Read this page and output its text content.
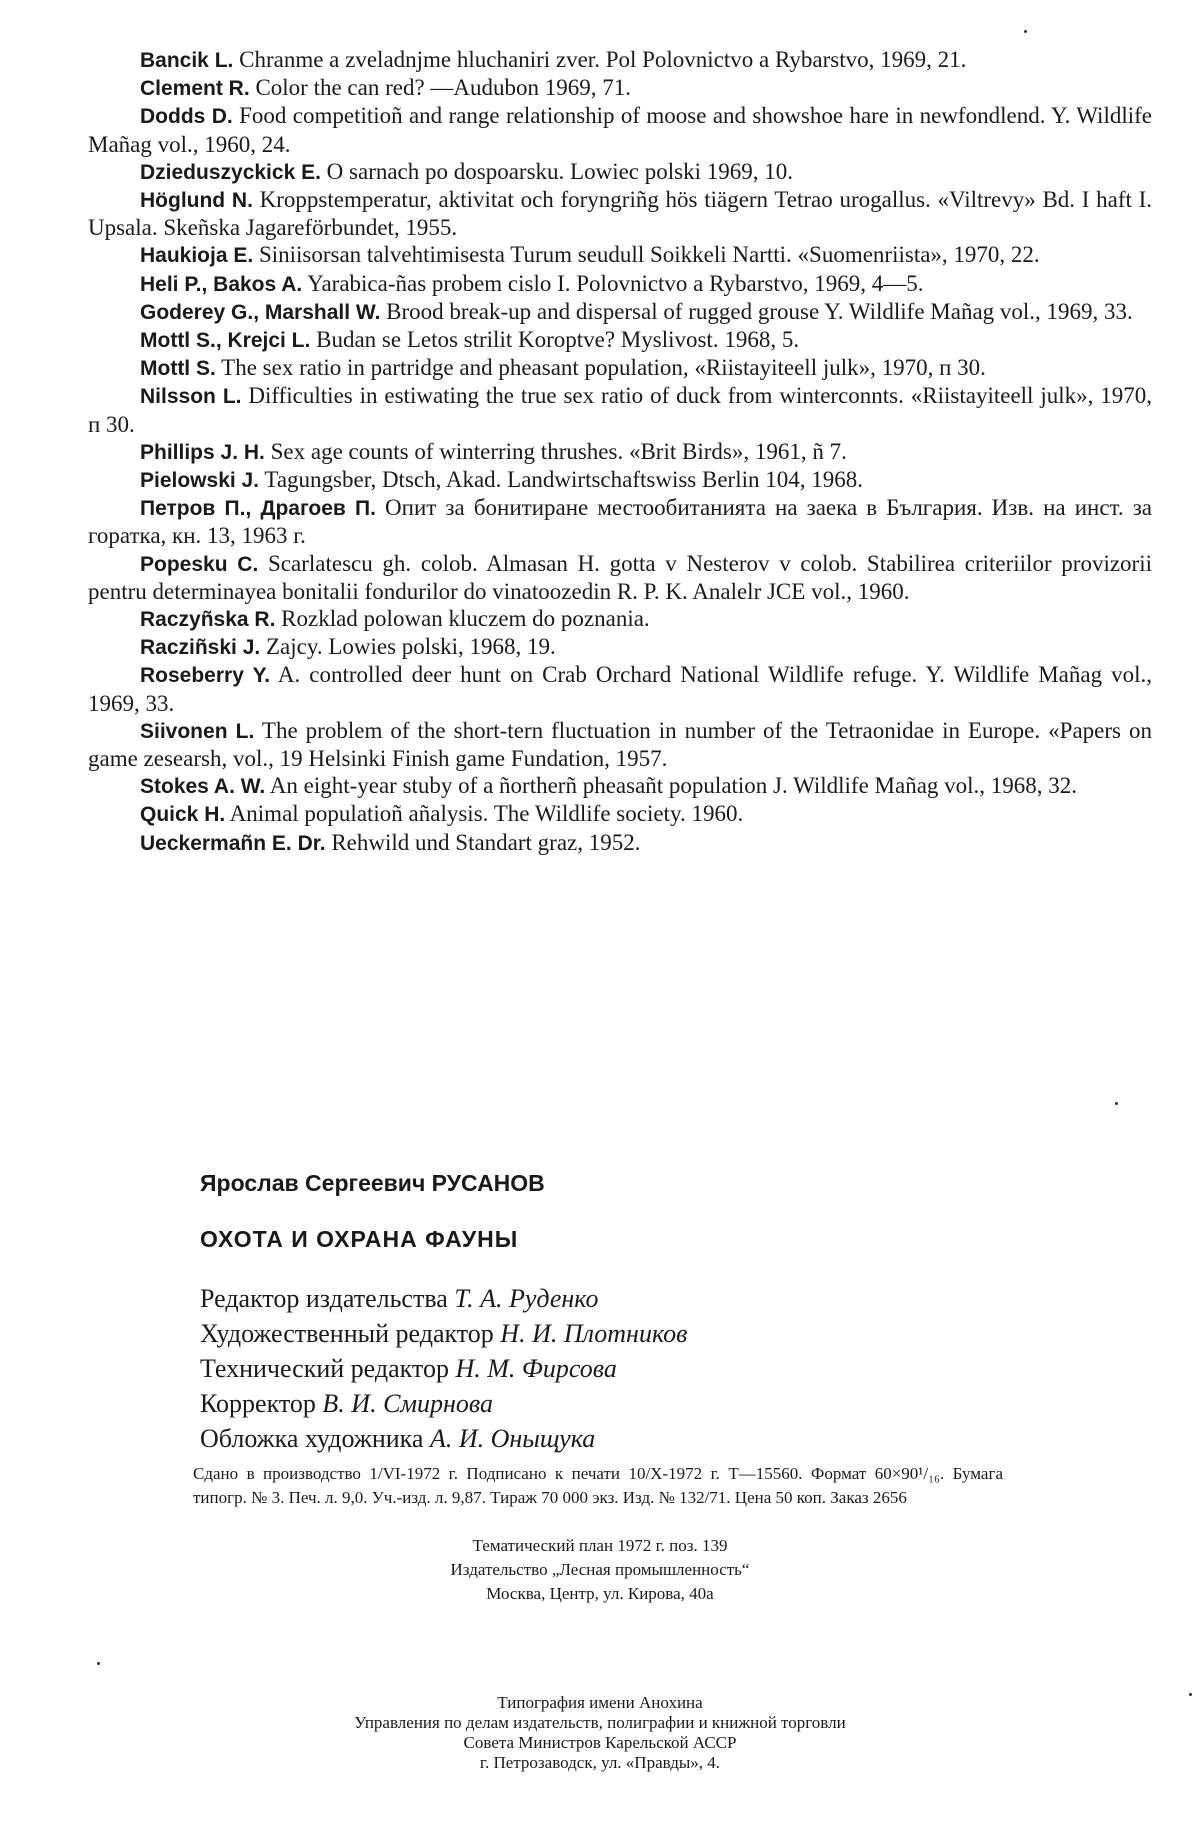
Bancik L. Chranme a zveladnjme hluchaniri zver. Pol Polovnictvo a Rybarstvo, 1969, 21.

Clement R. Color the can red? —Audubon 1969, 71.

Dodds D. Food competitioñ and range relationship of moose and showshoe hare in newfondlend. Y. Wildlife Mañag vol., 1960, 24.

Dzieduszyckick E. O sarnach po dospoarsku. Lowiec polski 1969, 10.

Höglund N. Kroppstemperatur, aktivitat och foryngriñg hös tiägern Tetrao urogallus. «Viltrevy» Bd. I haft I. Upsala. Skeñska Jagareförbundet, 1955.

Haukioja E. Siniisorsan talvehtimisesta Turum seudull Soikkeli Nartti. «Suomenriista», 1970, 22.

Heli P., Bakos A. Yarabica-ñas probem cislo I. Polovnictvo a Rybarstvo, 1969, 4—5.

Goderey G., Marshall W. Brood break-up and dispersal of rugged grouse Y. Wildlife Mañag vol., 1969, 33.

Mottl S., Krejci L. Budan se Letos strilit Koroptve? Myslivost. 1968, 5.

Mottl S. The sex ratio in partridge and pheasant population, «Riistayiteell julk», 1970, п 30.

Nilsson L. Difficulties in estiwating the true sex ratio of duck from winterconnts. «Riistayiteell julk», 1970, п 30.

Phillips J. H. Sex age counts of winterring thrushes. «Brit Birds», 1961, ñ 7.

Pielowski J. Tagungsber, Dtsch, Akad. Landwirtschaftswiss Berlin 104, 1968.

Петров П., Драгоев П. Опит за бонитиране местообитанията на заека в България. Изв. на инст. за горатка, кн. 13, 1963 г.

Popesku C. Scarlatescu gh. colob. Almasan H. gotta v Nesterov v colob. Stabilirea criteriilor provizorii pentru determinayea bonitalii fondurilor do vinatoozedin R. P. K. Analelr JCE vol., 1960.

Raczyñska R. Rozklad polowan kluczem do poznania.

Racziñski J. Zajcy. Lowies polski, 1968, 19.

Roseberry Y. A. controlled deer hunt on Crab Orchard National Wildlife refuge. Y. Wildlife Mañag vol., 1969, 33.

Siivonen L. The problem of the short-tern fluctuation in number of the Tetraonidae in Europe. «Papers on game zesearsh, vol., 19 Helsinki Finish game Fundation, 1957.

Stokes A. W. An eight-year stuby of a ñortherñ pheasañt population J. Wildlife Mañag vol., 1968, 32.

Quick H. Animal populatioñ añalysis. The Wildlife society. 1960.

Ueckermañn E. Dr. Rehwild und Standart graz, 1952.

Ярослав Сергеевич РУСАНОВ

ОХОТА И ОХРАНА ФАУНЫ

Редактор издательства Т. А. Руденко
Художественный редактор Н. И. Плотников
Технический редактор Н. М. Фирсова
Корректор В. И. Смирнова
Обложка художника А. И. Оныщука

Сдано в производство 1/VI-1972 г. Подписано к печати 10/X-1972 г. Т—15560. Формат 60×90¹/₁₆. Бумага типогр. № 3. Печ. л. 9,0. Уч.-изд. л. 9,87. Тираж 70 000 экз. Изд. № 132/71. Цена 50 коп. Заказ 2656

Тематический план 1972 г. поз. 139

Издательство „Лесная промышленность“

Москва, Центр, ул. Кирова, 40а

Типография имени Анохина

Управления по делам издательств, полиграфии и книжной торговли

Совета Министров Карельской АССР

г. Петрозаводск, ул. «Правды», 4.
